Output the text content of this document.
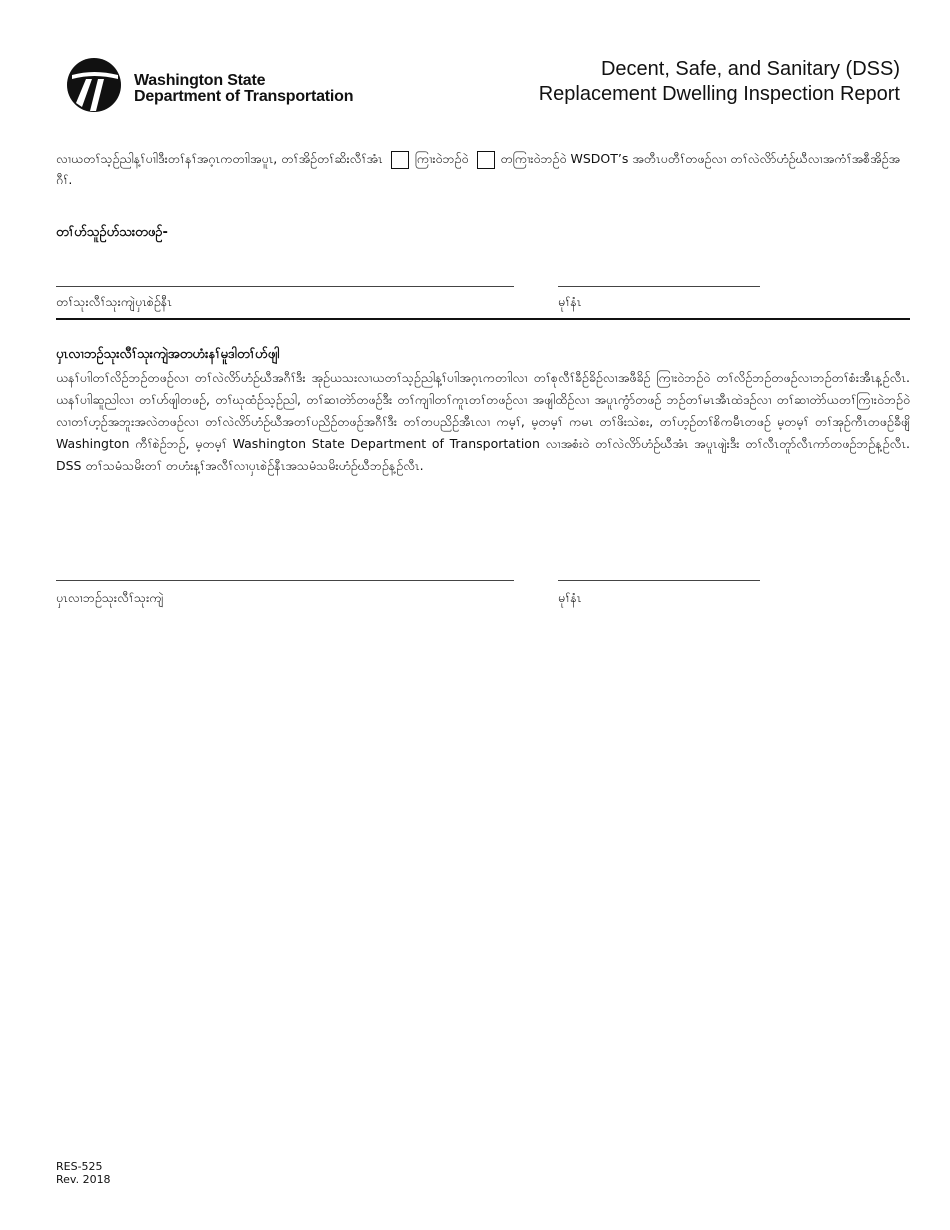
Washington State
Department of Transportation
Decent, Safe, and Sanitary (DSS)
Replacement Dwelling Inspection Report
လၢယတၢ်သ့ဉ်ညါန့ၢ်ပၢါဒီးတၢ်နၢ်အဂ့ၤကတၢါအပူၤ, တၢ်အိဉ်တၢ်ဆိးလီၢ်အံၤ	ကြၢးဝဲဘဉ်ဝဲ	တကြၢးဝဲဘဉ်ဝဲ WSDOT’s အတီၤပတီၢ်တဖဉ်လၢ တၢ်လဲလိာ်ဟံဉ်ဃီလၢအကံၢ်အစီအိဉ်အဂီၢ်.
တၢ်ဟ်သူဉ်ဟ်သးတဖဉ်-
တၢ်သုးလီၢ်သုးကျဲပှၤစဲဉ်နီၤ	မုၢ်နံၤ
ပှၤလၢဘဉ်သုးလီၢ်သုးကျဲအတဟံးနၢ်မူဒါတၢ်ဟ်ဖျါ
ယနၢ်ပၢါတၢ်လိဉ်ဘဉ်တဖဉ်လၢ တၢ်လဲလိာ်ဟံဉ်ဃီအဂီၢ်ဒီး အုဉ်ယသးလၢယတၢ်သ့ဉ်ညါန့ၢ်ပၢါအဂ့ၤကတၢါလၢ တၢ်စုလီၢ်ခီဉ်ခိဉ်လၢအဖီခိဉ် ကြၢးဝဲဘဉ်ဝဲ တၢ်လိဉ်ဘဉ်တဖဉ်လၢဘဉ်တၢ်စံးအီၤန့ဉ်လီၤ. ယနၢ်ပၢါဆူညါလၢ တၢ်ဟ်ဖျါတဖဉ်, တၢ်ဃုထံဉ်သ့ဉ်ညါ, တၢ်ဆၢတဲာ်တဖဉ်ဒီး တၢ်ကျၢါတၢ်ကူၤတၢ်တဖဉ်လၢ အဖျါထိဉ်လၢ အပူၤကွံာ်တဖဉ် ဘဉ်တၢ်မၤအီၤထဲဒဉ်လၢ တၢ်ဆၢတဲာ်ယတၢ်ကြၢးဝဲဘဉ်ဝဲလၢတၢ်ဟ့ဉ်အဘူးအလဲတဖဉ်လၢ တၢ်လဲလိာ်ဟံဉ်ဃီအတၢ်ပညိဉ်တဖဉ်အဂီၢ်ဒီး တၢ်တပညိဉ်အီၤလၢ ကမ့ၢ်, မ့တမ့ၢ် ကမၤ တၢ်ဖိးသဲစး, တၢ်ဟ့ဉ်တၢ်စိကမီၤတဖဉ် မ့တမ့ၢ် တၢ်အုဉ်ကီၤတဖဉ်ခီဖျိ Washington ကီၢ်စဲဉ်ဘဉ်, မ့တမ့ၢ် Washington State Department of Transportation လၢအစံးဝဲ တၢ်လဲလိာ်ဟံဉ်ဃီအံၤ အပူၤဖျဲးဒီး တၢ်လီၤတူာ်လီၤကာ်တဖဉ်ဘဉ်န့ဉ်လီၤ. DSS တၢ်သမံသမိးတၢ် တဟံးန့ၢ်အလီၢ်လၢပှၤစဲဉ်နီၤအသမံသမိးဟံဉ်ဃီဘဉ်န့ဉ်လီၤ.
ပှၤလၢဘဉ်သုးလီၢ်သုးကျဲ	မုၢ်နံၤ
RES-525
Rev. 2018
